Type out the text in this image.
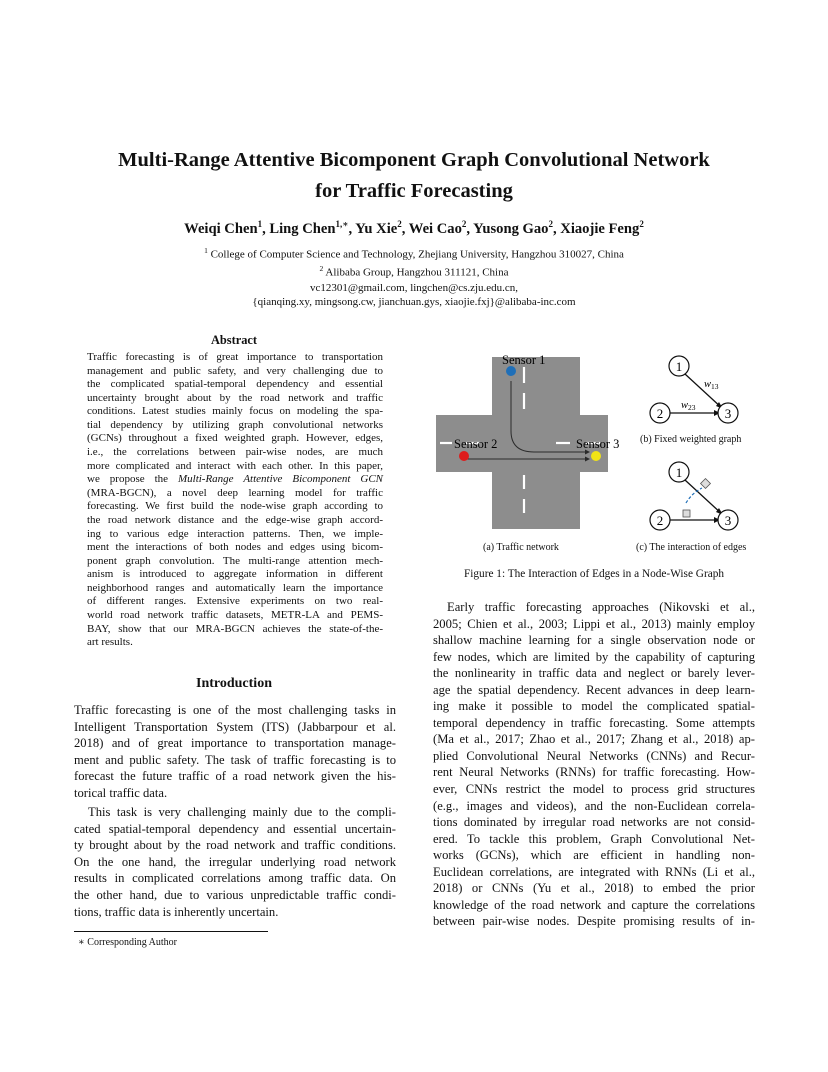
Multi-Range Attentive Bicomponent Graph Convolutional Network
for Traffic Forecasting
Weiqi Chen$^1$, Ling Chen$^{1,∗}$, Yu Xie$^2$, Wei Cao$^2$, Yusong Gao$^2$, Xiaojie Feng$^2$
$^1$ College of Computer Science and Technology, Zhejiang University, Hangzhou 310027, China
$^2$ Alibaba Group, Hangzhou 311121, China
vc12301@gmail.com, lingchen@cs.zju.edu.cn,
{qianqing.xy, mingsong.cw, jianchuan.gys, xiaojie.fxj}@alibaba-inc.com
Abstract
Traffic forecasting is of great importance to transportation
management and public safety, and very challenging due to
the complicated spatial-temporal dependency and essential
uncertainty brought about by the road network and traffic
conditions. Latest studies mainly focus on modeling the spa-
tial dependency by utilizing graph convolutional networks
(GCNs) throughout a fixed weighted graph. However, edges,
i.e., the correlations between pair-wise nodes, are much
more complicated and interact with each other. In this paper,
we propose the Multi-Range Attentive Bicomponent GCN
(MRA-BGCN), a novel deep learning model for traffic
forecasting. We first build the node-wise graph according to
the road network distance and the edge-wise graph accord-
ing to various edge interaction patterns. Then, we imple-
ment the interactions of both nodes and edges using bicom-
ponent graph convolution. The multi-range attention mech-
anism is introduced to aggregate information in different
neighborhood ranges and automatically learn the importance
of different ranges. Extensive experiments on two real-
world road network traffic datasets, METR-LA and PEMS-
BAY, show that our MRA-BGCN achieves the state-of-the-
art results.
Introduction
Traffic forecasting is one of the most challenging tasks in
Intelligent Transportation System (ITS) (Jabbarpour et al.
2018) and of great importance to transportation manage-
ment and public safety. The task of traffic forecasting is to
forecast the future traffic of a road network given the his-
torical traffic data.
This task is very challenging mainly due to the compli-
cated spatial-temporal dependency and essential uncertain-
ty brought about by the road network and traffic conditions.
On the one hand, the irregular underlying road network
results in complicated correlations among traffic data. On
the other hand, due to various unpredictable traffic condi-
tions, traffic data is inherently uncertain.
Early traffic forecasting approaches (Nikovski et al.,
2005; Chien et al., 2003; Lippi et al., 2013) mainly employ
shallow machine learning for a single observation node or
few nodes, which are limited by the capability of capturing
the nonlinearity in traffic data and neglect or barely lever-
age the spatial dependency. Recent advances in deep learn-
ing make it possible to model the complicated spatial-
temporal dependency in traffic forecasting. Some attempts
(Ma et al., 2017; Zhao et al., 2017; Zhang et al., 2018) ap-
plied Convolutional Neural Networks (CNNs) and Recur-
rent Neural Networks (RNNs) for traffic forecasting. How-
ever, CNNs restrict the model to process grid structures
(e.g., images and videos), and the non-Euclidean correla-
tions dominated by irregular road networks are not consid-
ered. To tackle this problem, Graph Convolutional Net-
works (GCNs), which are efficient in handling non-
Euclidean correlations, are integrated with RNNs (Li et al.,
2018) or CNNs (Yu et al., 2018) to embed the prior
knowledge of the road network and capture the correlations
between pair-wise nodes. Despite promising results of in-
Sensor 1
Sensor 2	Sensor 3
1
2	3
w13
w23
1
2	3
(a) Traffic network
(b) Fixed weighted graph
(c) The interaction of edges
Figure 1: The Interaction of Edges in a Node-Wise Graph
∗ Corresponding Author
